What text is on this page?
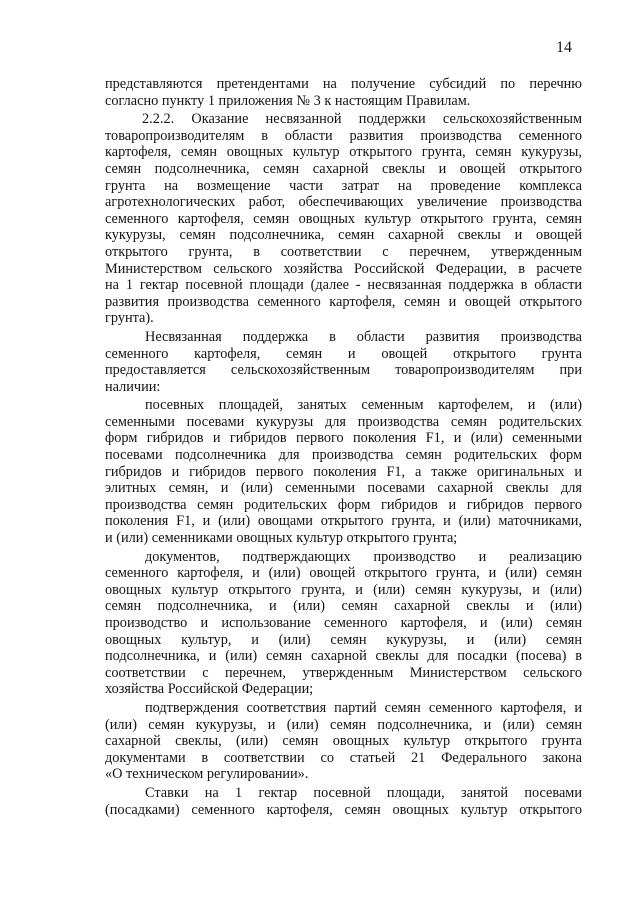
14
представляются претендентами на получение субсидий по перечню
согласно пункту 1 приложения № 3 к настоящим Правилам.
2.2.2. Оказание несвязанной поддержки сельскохозяйственным
товаропроизводителям в области развития производства семенного
картофеля, семян овощных культур открытого грунта, семян кукурузы,
семян подсолнечника, семян сахарной свеклы и овощей открытого
грунта на возмещение части затрат на проведение комплекса
агротехнологических работ, обеспечивающих увеличение производства
семенного картофеля, семян овощных культур открытого грунта, семян
кукурузы, семян подсолнечника, семян сахарной свеклы и овощей
открытого грунта, в соответствии с перечнем, утвержденным
Министерством сельского хозяйства Российской Федерации, в расчете
на 1 гектар посевной площади (далее - несвязанная поддержка в области
развития производства семенного картофеля, семян и овощей открытого
грунта).
Несвязанная поддержка в области развития производства
семенного картофеля, семян и овощей открытого грунта
предоставляется сельскохозяйственным товаропроизводителям при
наличии:
посевных площадей, занятых семенным картофелем, и (или)
семенными посевами кукурузы для производства семян родительских
форм гибридов и гибридов первого поколения F1, и (или) семенными
посевами подсолнечника для производства семян родительских форм
гибридов и гибридов первого поколения F1, а также оригинальных и
элитных семян, и (или) семенными посевами сахарной свеклы для
производства семян родительских форм гибридов и гибридов первого
поколения F1, и (или) овощами открытого грунта, и (или) маточниками,
и (или) семенниками овощных культур открытого грунта;
документов, подтверждающих производство и реализацию
семенного картофеля, и (или) овощей открытого грунта, и (или) семян
овощных культур открытого грунта, и (или) семян кукурузы, и (или)
семян подсолнечника, и (или) семян сахарной свеклы и (или)
производство и использование семенного картофеля, и (или) семян
овощных культур, и (или) семян кукурузы, и (или) семян
подсолнечника, и (или) семян сахарной свеклы для посадки (посева) в
соответствии с перечнем, утвержденным Министерством сельского
хозяйства Российской Федерации;
подтверждения соответствия партий семян семенного картофеля, и
(или) семян кукурузы, и (или) семян подсолнечника, и (или) семян
сахарной свеклы, (или) семян овощных культур открытого грунта
документами в соответствии со статьей 21 Федерального закона
«О техническом регулировании».
Ставки на 1 гектар посевной площади, занятой посевами
(посадками) семенного картофеля, семян овощных культур открытого
